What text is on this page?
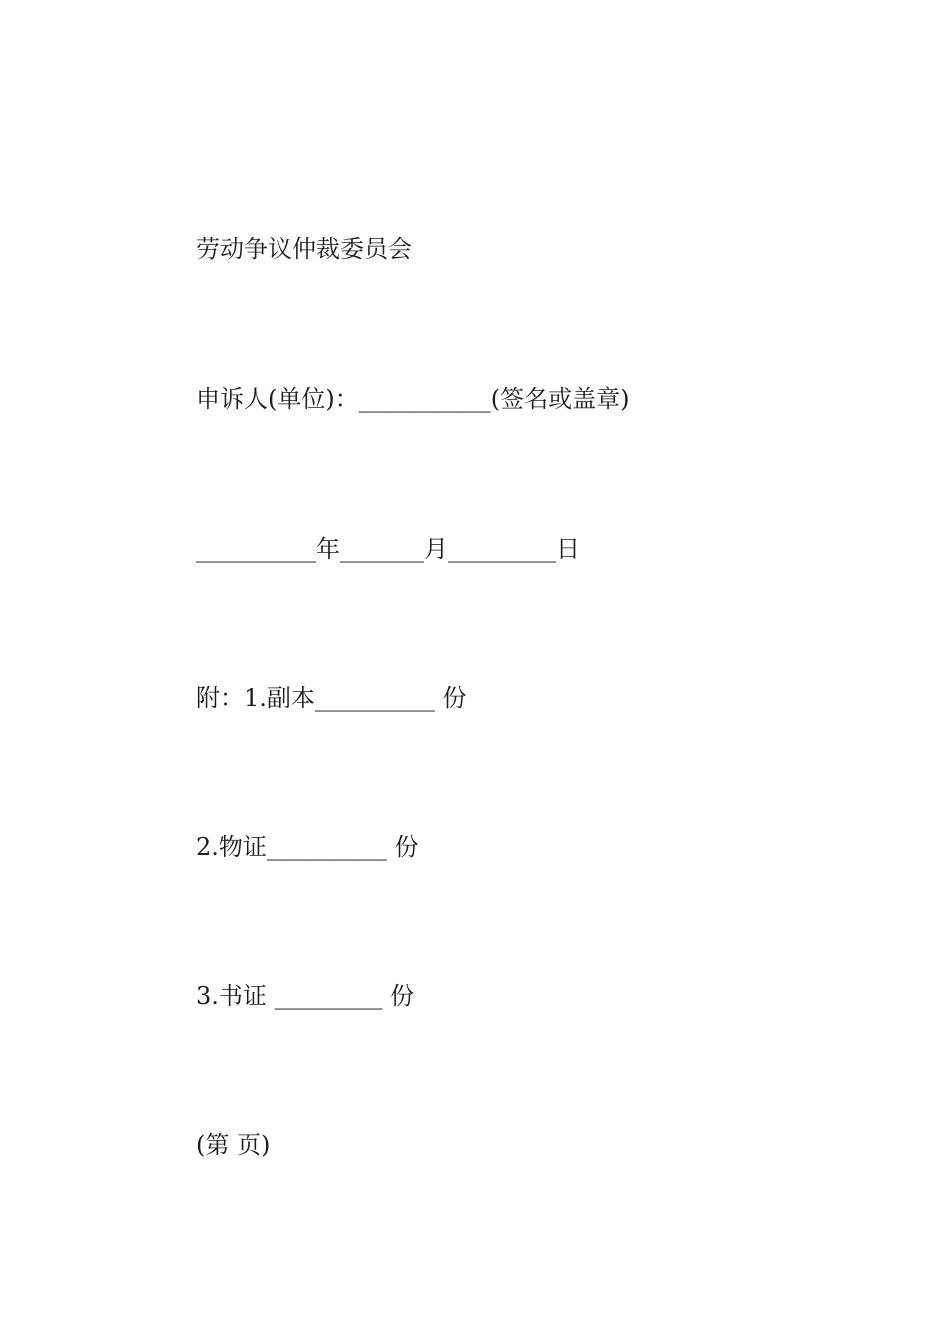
劳动争议仲裁委员会
申诉人(单位)：___________(签名或盖章)
__________年_______月_________日
附：1.副本__________ 份
2.物证__________ 份
3.书证 _________ 份
(第 页)
